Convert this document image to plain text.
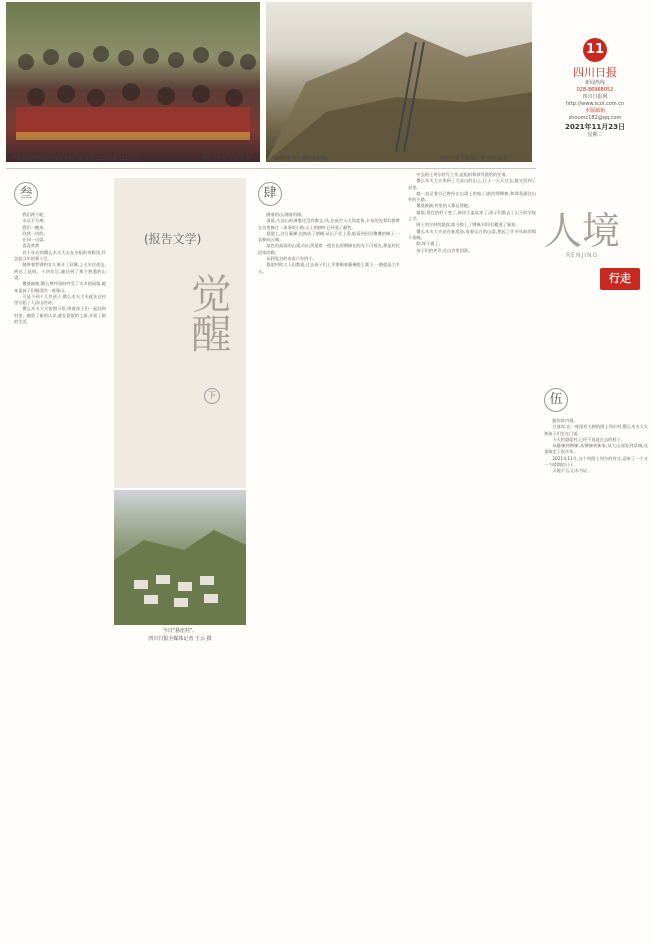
"悬崖村"帮扶村民搬新家前合影留念(2020年5月12日摄)。	新华社记者 江宏景 摄	"悬崖村"昔日藤梯变钢梯。	四川日报全媒体记者 李向雨 摄
11
四川日报
新闻热线
028-86968052
四川日报网
http://www.scol.com.cn
本版邮箱
zhoumc182@qq.com
2021年11月23日
星期二
人境
RENJING
行走
叁

我们两个呢,

永远不分离;

我们一醒来,

同我一切的;

在同一山梁,

喜喜欢欢

若干年后的俄么木夫大夫在夕阳的余晖里,怀念起当年的那个巴。

她带着罗满和女儿离开了县城,上火车往南去,到达了昆明。十四年后,她回到了那个熟悉的山梁。

俄莫筱筱,俄么曾经同时经受了太多的同情,她本是孩子们眼里的一座靠山。

可是不到十几岁孩子,俄么木夫大夫就先在村里写起了大凉山的诗。

俄么木夫大夫按照习俗,带着孩子们一起回到村里。她收了新的认识,就在悬崖的上面,开始了新的生活。

(报告文学)
觉醒
下
今日"悬崖村"。
四川日报全媒体记者 王云 摄
肆

随着的山,随着的路。

清晨,大凉山的薄雾还没有散去,风,在高空入大角度角,卡布的先辈们都曾在这里修过一条条的小路,山上的树叶已经变了颜色。

悬崖上,往日藤梯,也换成了钢梯,从山下往上看,能看到层层叠叠的梯子,一直伸向云端。

某色的高高的山梁,向山顶望着一道长长的钢梯在阳光下闪着光,那是村民回家的路。

从阿觉县的来说只有四个。

悬崖村的大人们都说,过去孩子们上学要顺着藤梯爬上爬下,一趟就是大半天。

中去阿土列尔村写工作,是组织和领导派给的任务。

俄么木夫大夫来到了大凉山的山上,日子一天天过去,她又回到了县里。

她一直记着自己曾经在山梁上的家,门前的那棵树,和那条通往山外的小路。

俄莫筱筱,村里的人都记得她。

她说,现在的村子变了,新房子盖起来了,孩子们都去了山下的学校上学。

阿土列尔村的悬崖,如今换上了钢梯,村民们搬进了新家。

俄么木夫大夫站在新房前,看着远方的山梁,想起了许多年前的那个夜晚。

路,终于通了。

孩子们的笑声,在山谷里回荡。

伍

跟你讲内情,

日落时,在一座雨有大树的阿土列尔村,俄么木夫大夫和孩子们坐在门前。

今天的悬崖村,已经不再是过去的样子。

从藤梯到钢梯,从钢梯到新家,从大山深处到县城,这条路走了很多年。

2021年11月,这个叫阿土列尔的村庄,迎来了一个又一个晴朗的日子。

天地不言,山水为证。
